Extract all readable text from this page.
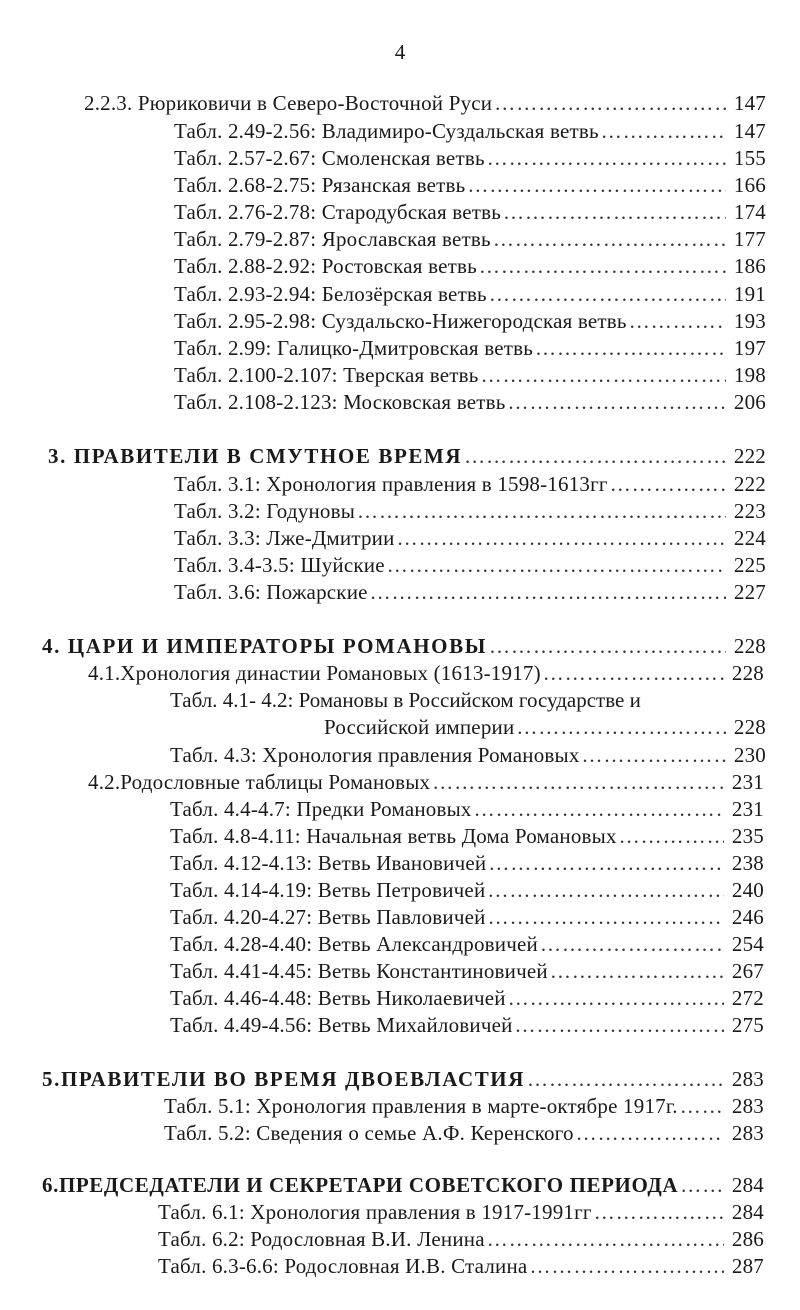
4
2.2.3. Рюриковичи в Северо-Восточной Руси …………………………………………………………………………………………………………………………………………………………	147
Табл. 2.49-2.56: Владимиро-Суздальская ветвь …………………………………………………………………………………………………………………………………………………………	147
Табл. 2.57-2.67: Смоленская ветвь …………………………………………………………………………………………………………………………………………………………	155
Табл. 2.68-2.75: Рязанская ветвь …………………………………………………………………………………………………………………………………………………………	166
Табл. 2.76-2.78: Стародубская ветвь …………………………………………………………………………………………………………………………………………………………	174
Табл. 2.79-2.87: Ярославская ветвь …………………………………………………………………………………………………………………………………………………………	177
Табл. 2.88-2.92: Ростовская ветвь …………………………………………………………………………………………………………………………………………………………	186
Табл. 2.93-2.94: Белозёрская ветвь …………………………………………………………………………………………………………………………………………………………	191
Табл. 2.95-2.98: Суздальско-Нижегородская ветвь …………………………………………………………………………………………………………………………………………………………	193
Табл. 2.99: Галицко-Дмитровская ветвь …………………………………………………………………………………………………………………………………………………………	197
Табл. 2.100-2.107: Тверская ветвь …………………………………………………………………………………………………………………………………………………………	198
Табл. 2.108-2.123: Московская ветвь …………………………………………………………………………………………………………………………………………………………	206
3. ПРАВИТЕЛИ В СМУТНОЕ ВРЕМЯ …………………………………………………………………………………………………………………………………………………………	222
Табл. 3.1: Хронология правления в 1598-1613гг …………………………………………………………………………………………………………………………………………………………	222
Табл. 3.2: Годуновы …………………………………………………………………………………………………………………………………………………………	223
Табл. 3.3: Лже-Дмитрии …………………………………………………………………………………………………………………………………………………………	224
Табл. 3.4-3.5: Шуйские …………………………………………………………………………………………………………………………………………………………	225
Табл. 3.6: Пожарские …………………………………………………………………………………………………………………………………………………………	227
4. ЦАРИ И ИМПЕРАТОРЫ РОМАНОВЫ …………………………………………………………………………………………………………………………………………………………	228
4.1.Хронология династии Романовых (1613-1917) …………………………………………………………………………………………………………………………………………………………	228
Табл. 4.1- 4.2: Романовы в Российском государстве и
Российской империи …………………………………………………………………………………………………………………………………………………………	228
Табл. 4.3: Хронология правления Романовых …………………………………………………………………………………………………………………………………………………………	230
4.2.Родословные таблицы Романовых …………………………………………………………………………………………………………………………………………………………	231
Табл. 4.4-4.7: Предки Романовых …………………………………………………………………………………………………………………………………………………………	231
Табл. 4.8-4.11: Начальная ветвь Дома Романовых …………………………………………………………………………………………………………………………………………………………	235
Табл. 4.12-4.13: Ветвь Ивановичей …………………………………………………………………………………………………………………………………………………………	238
Табл. 4.14-4.19: Ветвь Петровичей …………………………………………………………………………………………………………………………………………………………	240
Табл. 4.20-4.27: Ветвь Павловичей …………………………………………………………………………………………………………………………………………………………	246
Табл. 4.28-4.40: Ветвь Александровичей …………………………………………………………………………………………………………………………………………………………	254
Табл. 4.41-4.45: Ветвь Константиновичей …………………………………………………………………………………………………………………………………………………………	267
Табл. 4.46-4.48: Ветвь Николаевичей …………………………………………………………………………………………………………………………………………………………	272
Табл. 4.49-4.56: Ветвь Михайловичей …………………………………………………………………………………………………………………………………………………………	275
5.ПРАВИТЕЛИ ВО ВРЕМЯ ДВОЕВЛАСТИЯ …………………………………………………………………………………………………………………………………………………………	283
Табл. 5.1: Хронология правления в марте-октябре 1917г. …………………………………………………………………………………………………………………………………………………………	283
Табл. 5.2: Сведения о семье А.Ф. Керенского …………………………………………………………………………………………………………………………………………………………	283
6.ПРЕДСЕДАТЕЛИ И СЕКРЕТАРИ СОВЕТСКОГО ПЕРИОДА …………………………………………………………………………………………………………………………………………………………	284
Табл. 6.1: Хронология правления в 1917-1991гг …………………………………………………………………………………………………………………………………………………………	284
Табл. 6.2: Родословная В.И. Ленина …………………………………………………………………………………………………………………………………………………………	286
Табл. 6.3-6.6: Родословная И.В. Сталина …………………………………………………………………………………………………………………………………………………………	287
